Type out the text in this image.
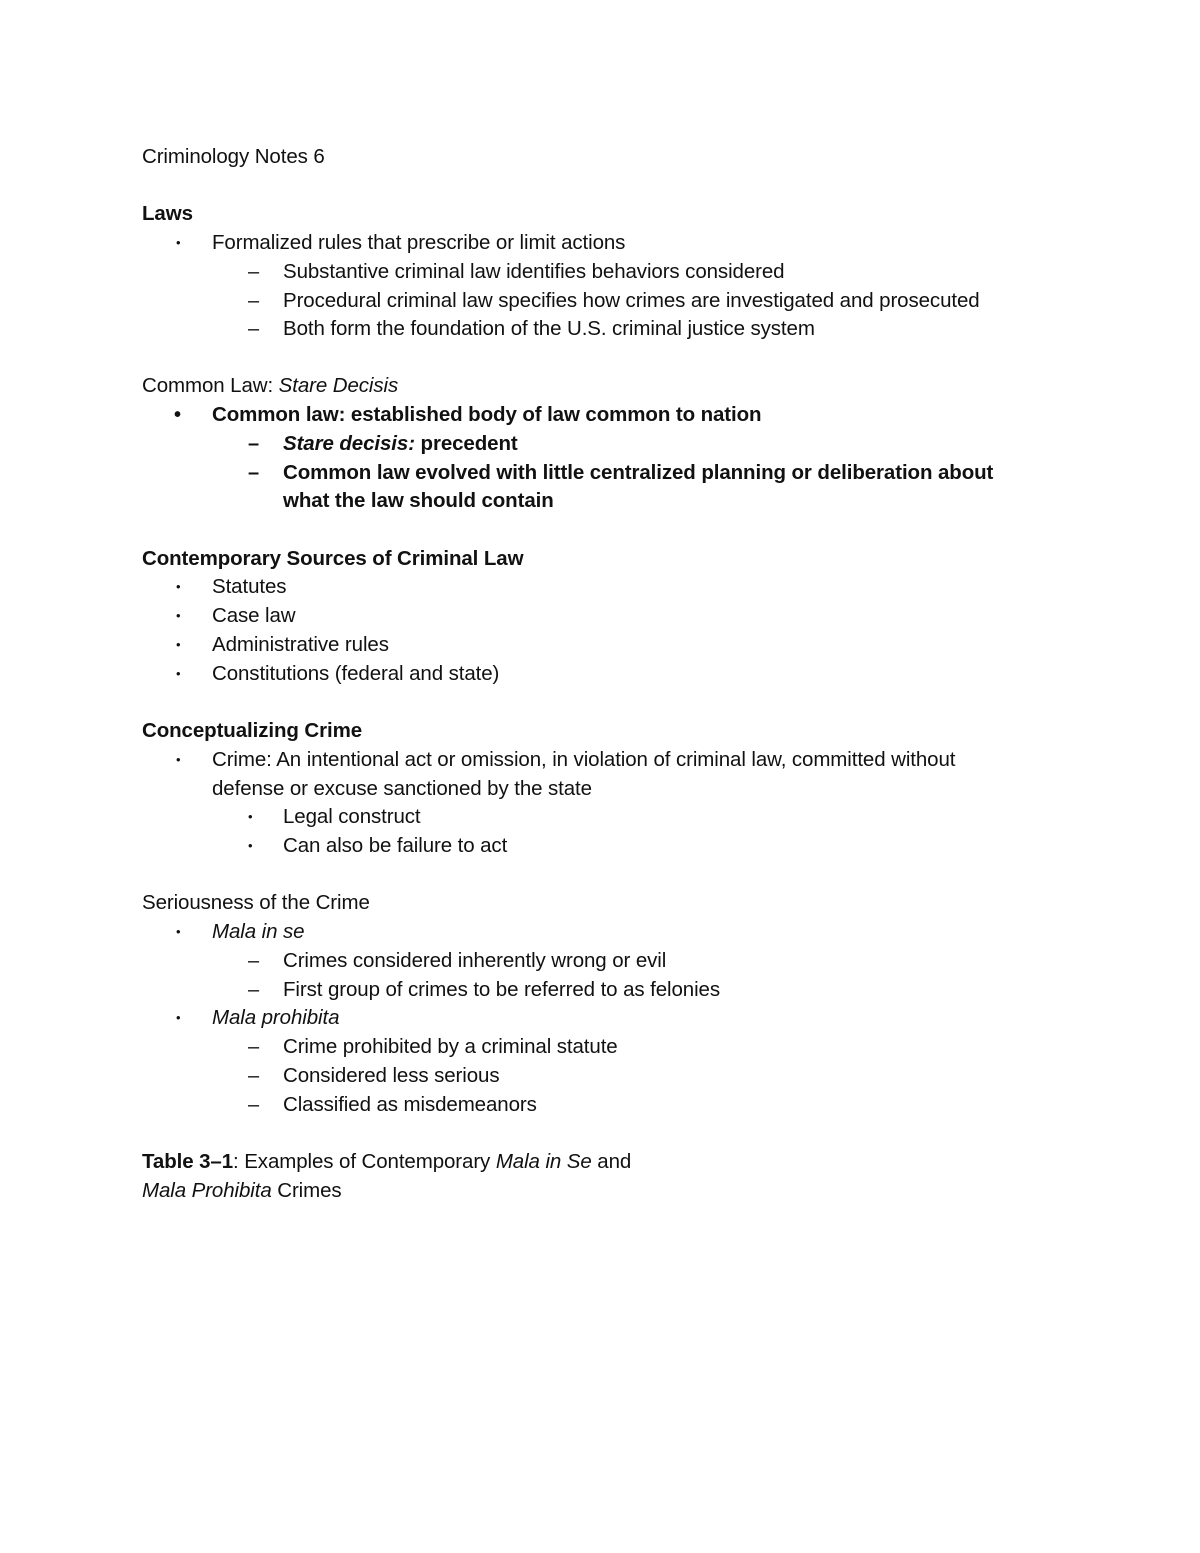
Criminology Notes 6
Laws
• Formalized rules that prescribe or limit actions
– Substantive criminal law identifies behaviors considered
– Procedural criminal law specifies how crimes are investigated and prosecuted
– Both form the foundation of the U.S. criminal justice system
Common Law: Stare Decisis
• Common law: established body of law common to nation
– Stare decisis: precedent
– Common law evolved with little centralized planning or deliberation about
what the law should contain
Contemporary Sources of Criminal Law
• Statutes
• Case law
• Administrative rules
• Constitutions (federal and state)
Conceptualizing Crime
• Crime: An intentional act or omission, in violation of criminal law, committed without
defense or excuse sanctioned by the state
• Legal construct
• Can also be failure to act
Seriousness of the Crime
• Mala in se
– Crimes considered inherently wrong or evil
– First group of crimes to be referred to as felonies
• Mala prohibita
– Crime prohibited by a criminal statute
– Considered less serious
– Classified as misdemeanors
Table 3–1: Examples of Contemporary Mala in Se and
Mala Prohibita Crimes
